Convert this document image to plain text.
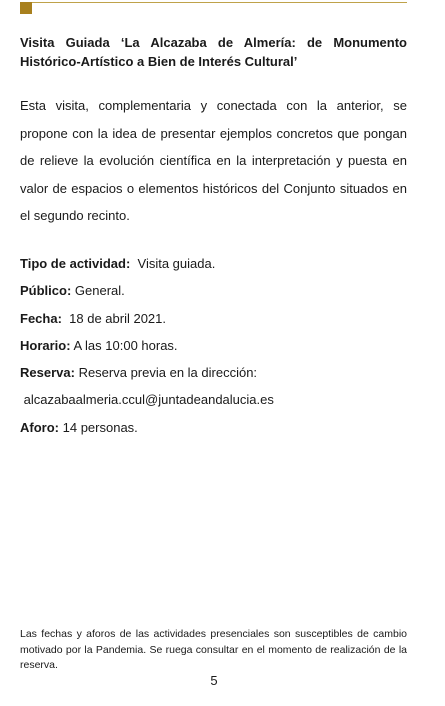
Visita Guiada ‘La Alcazaba de Almería: de Monumento Histórico-Artístico a Bien de Interés Cultural’

Esta visita, complementaria y conectada con la anterior, se propone con la idea de presentar ejemplos concretos que pongan de relieve la evolución científica en la interpretación y puesta en valor de espacios o elementos históricos del Conjunto situados en el segundo recinto.

Tipo de actividad: Visita guiada.
Público: General.
Fecha: 18 de abril 2021.
Horario: A las 10:00 horas.
Reserva: Reserva previa en la dirección:
alcazabaalmeria.ccul@juntadeandalucia.es
Aforo: 14 personas.

Las fechas y aforos de las actividades presenciales son susceptibles de cambio motivado por la Pandemia. Se ruega consultar en el momento de realización de la reserva.

5
